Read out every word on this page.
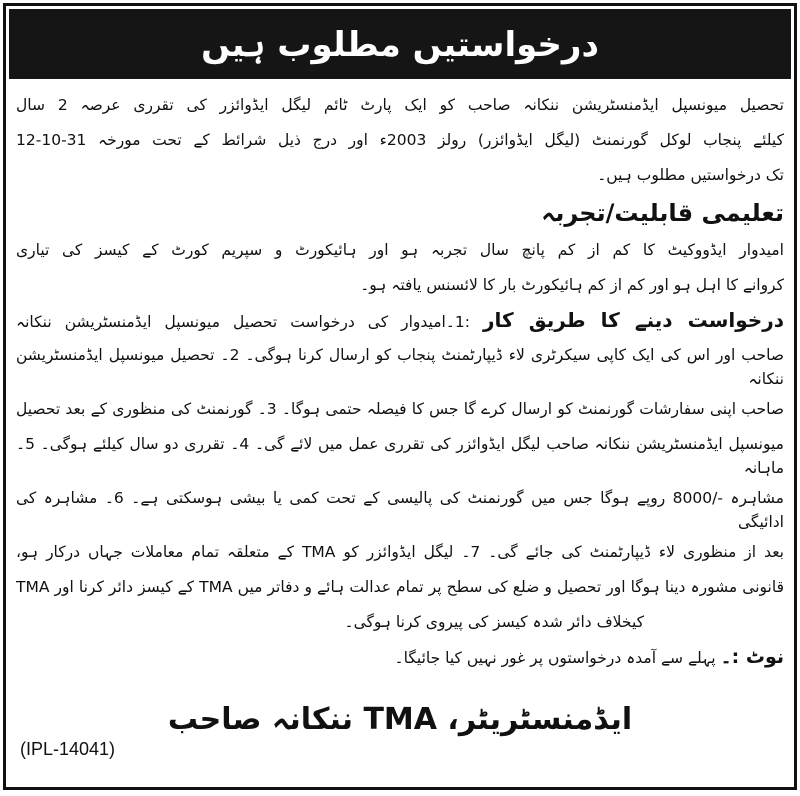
درخواستیں مطلوب ہیں
تحصیل میونسپل ایڈمنسٹریشن ننکانہ صاحب کو ایک پارٹ ٹائم لیگل ایڈوائزر کی تقرری عرصہ 2 سال
کیلئے پنجاب لوکل گورنمنٹ (لیگل ایڈوائزر) رولز 2003ء اور درج ذیل شرائط کے تحت مورخہ 31-10-12
تک درخواستیں مطلوب ہیں۔
تعلیمی قابلیت/تجربہ
امیدوار ایڈووکیٹ کا کم از کم پانچ سال تجربہ ہو اور ہائیکورٹ و سپریم کورٹ کے کیسز کی تیاری
کروانے کا اہل ہو اور کم از کم ہائیکورٹ بار کا لائسنس یافتہ ہو۔
درخواست دینے کا طریق کار :1۔امیدوار کی درخواست تحصیل میونسپل ایڈمنسٹریشن ننکانہ
صاحب اور اس کی ایک کاپی سیکرٹری لاء ڈیپارٹمنٹ پنجاب کو ارسال کرنا ہوگی۔ 2۔ تحصیل میونسپل ایڈمنسٹریشن ننکانہ
صاحب اپنی سفارشات گورنمنٹ کو ارسال کرے گا جس کا فیصلہ حتمی ہوگا۔ 3۔ گورنمنٹ کی منظوری کے بعد تحصیل
میونسپل ایڈمنسٹریشن ننکانہ صاحب لیگل ایڈوائزر کی تقرری عمل میں لائے گی۔ 4۔ تقرری دو سال کیلئے ہوگی۔ 5۔ ماہانہ
مشاہرہ -/8000 روپے ہوگا جس میں گورنمنٹ کی پالیسی کے تحت کمی یا بیشی ہوسکتی ہے۔ 6۔ مشاہرہ کی ادائیگی
بعد از منظوری لاء ڈیپارٹمنٹ کی جائے گی۔ 7۔ لیگل ایڈوائزر کو TMA کے متعلقہ تمام معاملات جہاں درکار ہو،
قانونی مشورہ دینا ہوگا اور تحصیل و ضلع کی سطح پر تمام عدالت ہائے و دفاتر میں TMA کے کیسز دائر کرنا اور TMA
کیخلاف دائر شدہ کیسز کی پیروی کرنا ہوگی۔
نوٹ :۔ پہلے سے آمدہ درخواستوں پر غور نہیں کیا جائیگا۔
ایڈمنسٹریٹر، TMA ننکانہ صاحب
(IPL-14041)
